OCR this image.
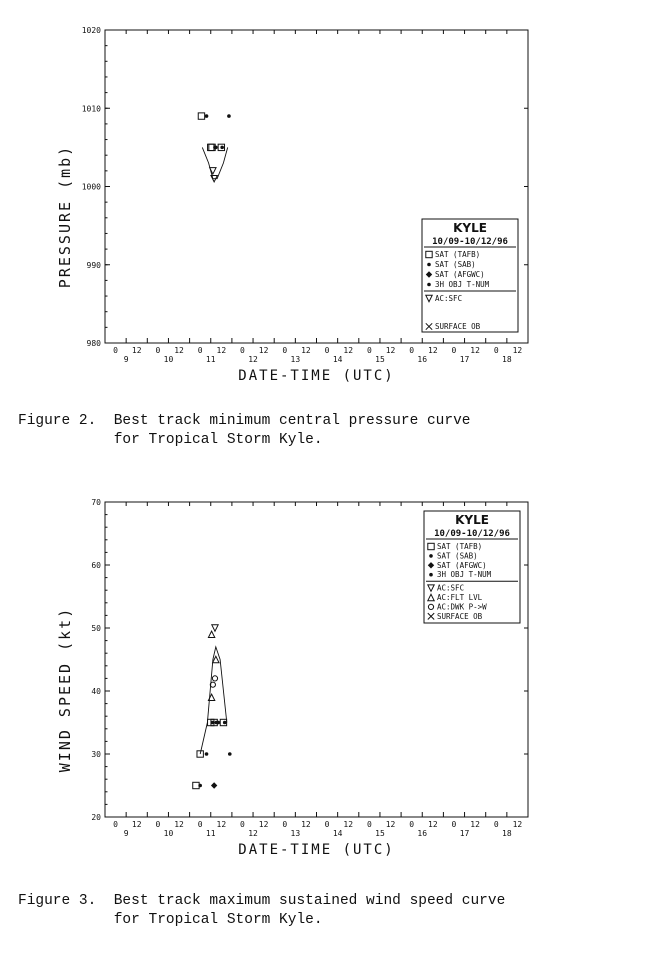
980
990
1000
1010
1020
0
9
12 0
10
12 0
11
12 0
12
12 0
13
12 0
14
12 0
15
12 0
16
12 0
17
12 0
18
12
DATE-TIME (UTC)
PRESSURE (mb)	KYLE
10/09-10/12/96
SAT (TAFB)
SAT (SAB)
SAT (AFGWC)
3H OBJ T-NUM
AC:SFC
SURFACE OB
20
30
40
50
60
70
0
9
12 0
10
12 0
11
12 0
12
12 0
13
12 0
14
12 0
15
12 0
16
12 0
17
12 0
18
12
DATE-TIME (UTC)
WIND SPEED (kt)
KYLE
10/09-10/12/96
SAT (TAFB)
SAT (SAB)
SAT (AFGWC)
3H OBJ T-NUM
AC:SFC
AC:FLT LVL
AC:DWK P->W
SURFACE OB
Figure 2.  Best track minimum central pressure curve
for Tropical Storm Kyle.
Figure 3.  Best track maximum sustained wind speed curve
for Tropical Storm Kyle.
